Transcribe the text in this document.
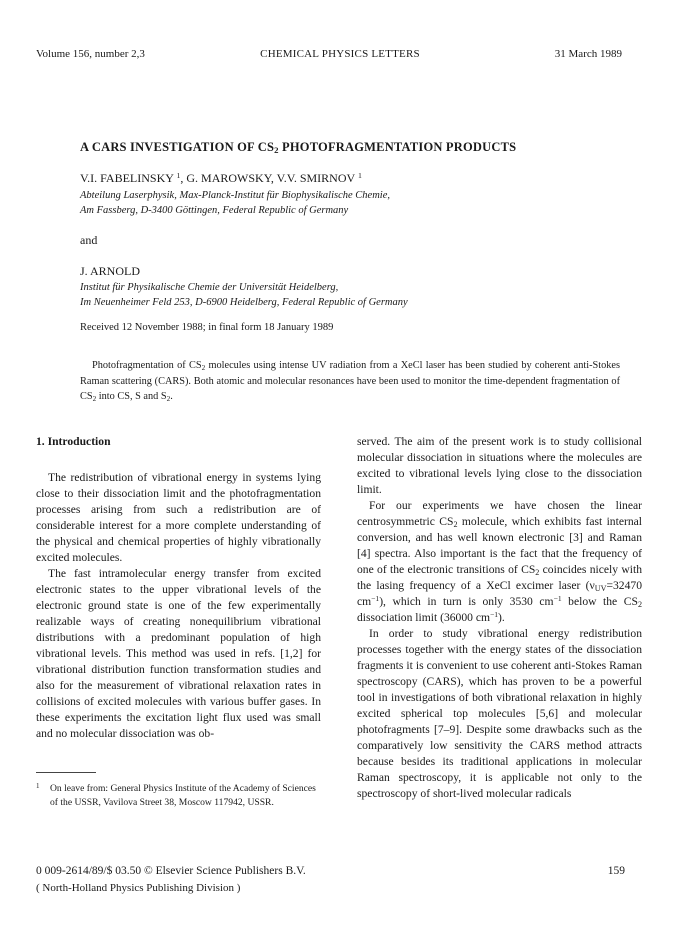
Volume 156, number 2,3	CHEMICAL PHYSICS LETTERS	31 March 1989
A CARS INVESTIGATION OF $CS_2$ PHOTOFRAGMENTATION PRODUCTS
V.I. FABELINSKY $^1$, G. MAROWSKY, V.V. SMIRNOV $^1$
Abteilung Laserphysik, Max-Planck-Institut für Biophysikalische Chemie,
Am Fassberg, D-3400 Göttingen, Federal Republic of Germany
and
J. ARNOLD
Institut für Physikalische Chemie der Universität Heidelberg,
Im Neuenheimer Feld 253, D-6900 Heidelberg, Federal Republic of Germany
Received 12 November 1988; in final form 18 January 1989

Photofragmentation of $CS_2$ molecules using intense UV radiation from a XeCl laser has been studied by coherent anti-Stokes Raman scattering (CARS). Both atomic and molecular resonances have been used to monitor the time-dependent fragmentation of $CS_2$ into CS, S and $S_2$.

1. Introduction

The redistribution of vibrational energy in systems lying close to their dissociation limit and the photofragmentation processes arising from such a redistribution are of considerable interest for a more complete understanding of the physical and chemical properties of highly vibrationally excited molecules.

The fast intramolecular energy transfer from excited electronic states to the upper vibrational levels of the electronic ground state is one of the few experimentally realizable ways of creating nonequilibrium vibrational distributions with a predominant population of high vibrational levels. This method was used in refs. [1,2] for vibrational distribution function transformation studies and also for the measurement of vibrational relaxation rates in collisions of excited molecules with various buffer gases. In these experiments the excitation light flux used was small and no molecular dissociation was ob-

1	On leave from: General Physics Institute of the Academy of Sciences of the USSR, Vavilova Street 38, Moscow 117942, USSR.

served. The aim of the present work is to study collisional molecular dissociation in situations where the molecules are excited to vibrational levels lying close to the dissociation limit.

For our experiments we have chosen the linear centrosymmetric $CS_2$ molecule, which exhibits fast internal conversion, and has well known electronic [3] and Raman [4] spectra. Also important is the fact that the frequency of one of the electronic transitions of $CS_2$ coincides nicely with the lasing frequency of a XeCl excimer laser ($\nu_{UV}=32470$ $cm^{-1}$), which in turn is only 3530 $cm^{-1}$ below the $CS_2$ dissociation limit (36000 $cm^{-1}$).

In order to study vibrational energy redistribution processes together with the energy states of the dissociation fragments it is convenient to use coherent anti-Stokes Raman spectroscopy (CARS), which has proven to be a powerful tool in investigations of both vibrational relaxation in highly excited spherical top molecules [5,6] and molecular photofragments [7–9]. Despite some drawbacks such as the comparatively low sensitivity the CARS method attracts because besides its traditional applications in molecular Raman spectroscopy, it is applicable not only to the spectroscopy of short-lived molecular radicals

0 009-2614/89/$ 03.50 © Elsevier Science Publishers B.V.
( North-Holland Physics Publishing Division )
159
